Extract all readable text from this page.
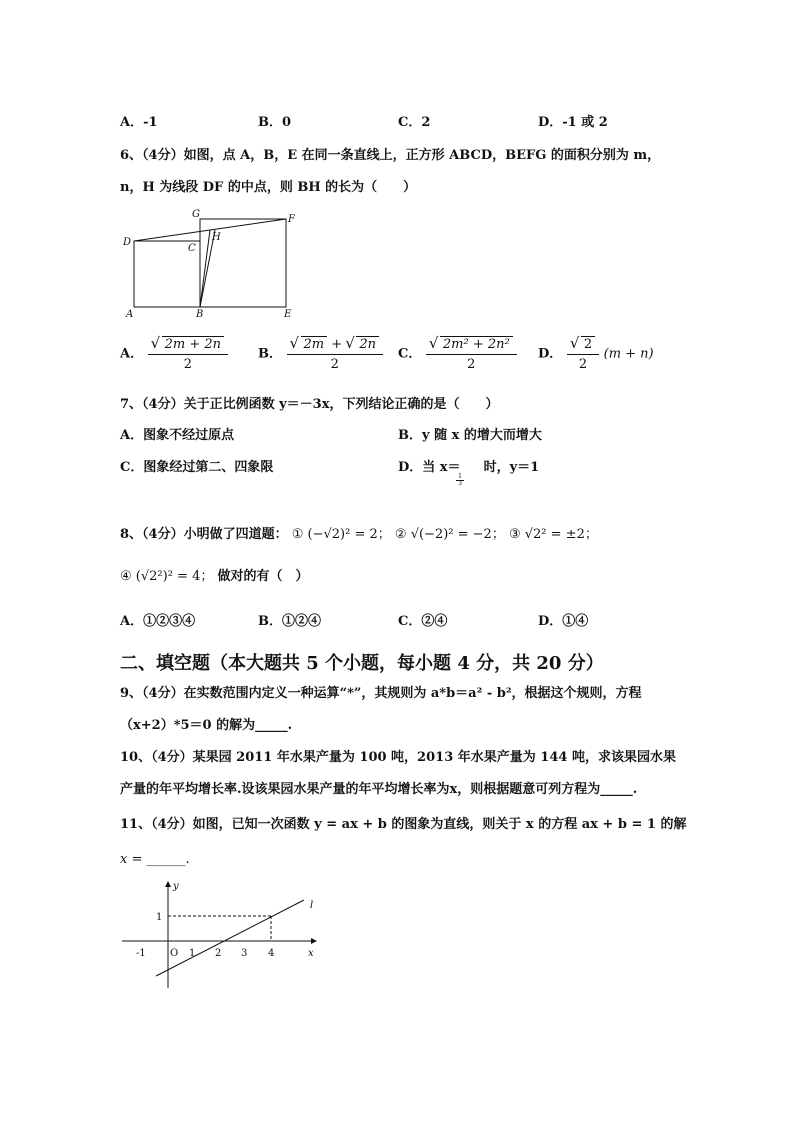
A．-1	B．0	C．2	D．-1 或 2
6、（4分）如图，点 A，B，E 在同一条直线上，正方形 ABCD，BEFG 的面积分别为 m，
n，H 为线段 DF 的中点，则 BH 的长为（　　）
G	F
D	H
C
A	B	E
A． √ $\frac{2m + 2n}{2}$ B． √ $\frac{2m + √ 2n}{2}$ C． √ $\frac{\text{2m² + 2n²}}{2}$ D． √ $\frac{2}{2} (m + n)$
7、（4分）关于正比例函数 y＝－3x，下列结论正确的是（　　）
A．图象不经过原点	B．y 随 x 的增大而增大
C．图象经过第二、四象限	D．当 x＝ 时，y＝1
$\frac{1}{3}$
8、（4分）小明做了四道题： ① (−√2)² = 2； ② √(−2)² = −2； ③ √2² = ±2；
④ (√2²)² = 4； 做对的有（　）
A．①②③④	B．①②④	C．②④	D．①④
二、填空题（本大题共 5 个小题，每小题 4 分，共 20 分）
9、（4分）在实数范围内定义一种运算“*”，其规则为 a*b＝a² - b²，根据这个规则，方程
（x+2）*5＝0 的解为_____.
10、（4分）某果园 2011 年水果产量为 100 吨，2013 年水果产量为 144 吨，求该果园水果
产量的年平均增长率.设该果园水果产量的年平均增长率为x，则根据题意可列方程为_____.
11、（4分）如图，已知一次函数 y = ax + b 的图象为直线，则关于 x 的方程 ax + b = 1 的解
x = ______.
y
x
l
1
-1 O 1 2 3 4
